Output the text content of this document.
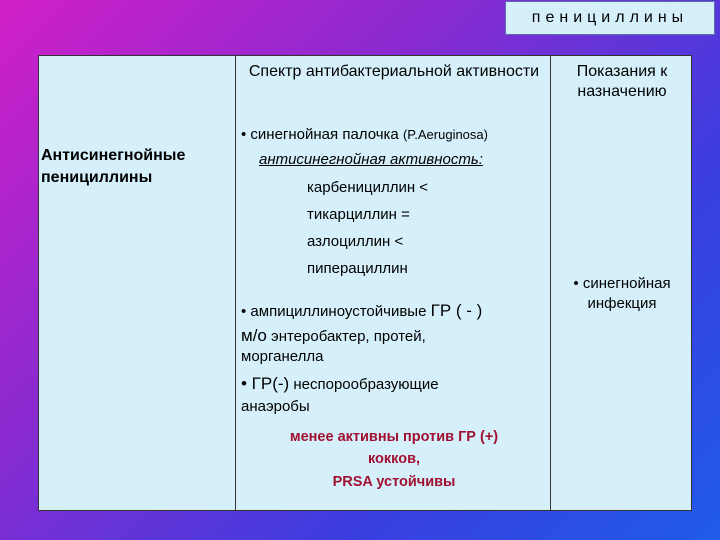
пенициллины
Спектр антибактериальной активности	Показания к назначению
Антисинегнойные пенициллины
• синегнойная палочка (P.Aeruginosa)
антисинегнойная активность:
карбенициллин <
тикарциллин =
азлоциллин <
пиперациллин
• ампициллиноустойчивые ГР ( - )
м/о энтеробактер, протей,
морганелла
• ГР(-) неспорообразующие
анаэробы
менее активны против ГР (+)
кокков,
PRSA устойчивы
• синегнойная
инфекция
